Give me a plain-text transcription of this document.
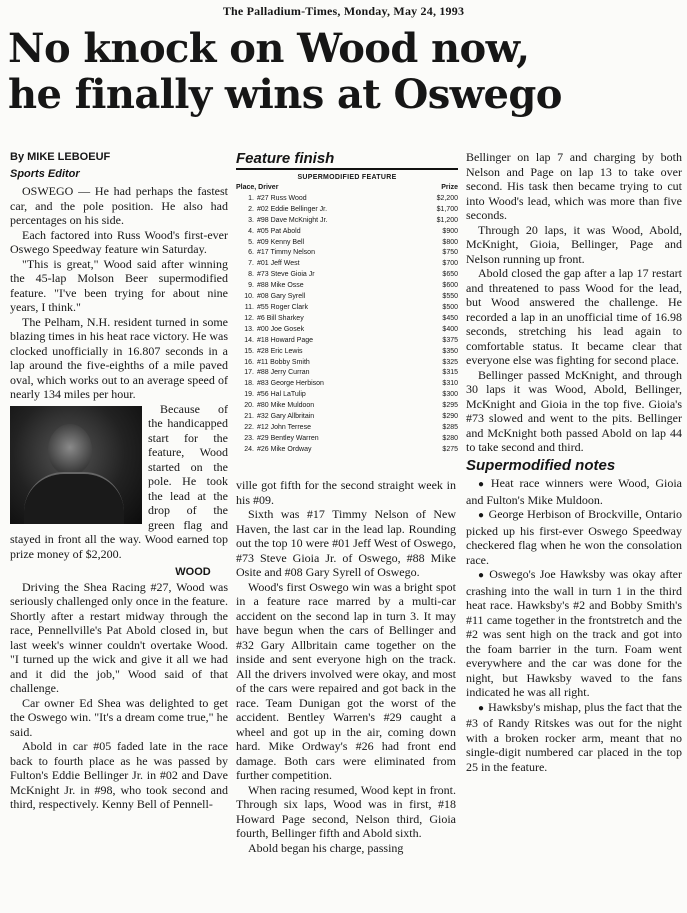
The Palladium-Times, Monday, May 24, 1993
No knock on Wood now,
he finally wins at Oswego
By MIKE LEBOEUF
Sports Editor

OSWEGO — He had perhaps the fastest car, and the pole position. He also had percentages on his side.

Each factored into Russ Wood's first-ever Oswego Speedway feature win Saturday.

"This is great," Wood said after winning the 45-lap Molson Beer supermodified feature. "I've been trying for about nine years, I think."

The Pelham, N.H. resident turned in some blazing times in his heat race victory. He was clocked unofficially in 16.807 seconds in a lap around the five-eighths of a mile paved oval, which works out to an average speed of nearly 134 miles per hour.

Because of the handicapped start for the feature, Wood started on the pole. He took the lead at the drop of the green flag and stayed in front all the way. Wood earned top prize money of $2,200.

WOOD

Driving the Shea Racing #27, Wood was seriously challenged only once in the feature. Shortly after a restart midway through the race, Pennellville's Pat Abold closed in, but last week's winner couldn't overtake Wood. "I turned up the wick and give it all we had and it did the job," Wood said of that challenge.

Car owner Ed Shea was delighted to get the Oswego win. "It's a dream come true," he said.

Abold in car #05 faded late in the race back to fourth place as he was passed by Fulton's Eddie Bellinger Jr. in #02 and Dave McKnight Jr. in #98, who took second and third, respectively. Kenny Bell of Pennell-

Feature finish
SUPERMODIFIED FEATURE
Place, Driver	Prize
1. #27 Russ Wood	$2,200
2. #02 Eddie Bellinger Jr.	$1,700
3. #98 Dave McKnight Jr.	$1,200
4. #05 Pat Abold	$900
5. #09 Kenny Bell	$800
6. #17 Timmy Nelson	$750
7. #01 Jeff West	$700
8. #73 Steve Gioia Jr	$650
9. #88 Mike Osse	$600
10. #08 Gary Syrell	$550
11. #55 Roger Clark	$500
12. #6 Bill Sharkey	$450
13. #00 Joe Gosek	$400
14. #18 Howard Page	$375
15. #28 Eric Lewis	$350
16. #11 Bobby Smith	$325
17. #88 Jerry Curran	$315
18. #83 George Herbison	$310
19. #56 Hal LaTulip	$300
20. #80 Mike Muldoon	$295
21. #32 Gary Allbritain	$290
22. #12 John Terrese	$285
23. #29 Bentley Warren	$280
24. #26 Mike Ordway	$275

ville got fifth for the second straight week in his #09.

Sixth was #17 Timmy Nelson of New Haven, the last car in the lead lap. Rounding out the top 10 were #01 Jeff West of Oswego, #73 Steve Gioia Jr. of Oswego, #88 Mike Osite and #08 Gary Syrell of Oswego.

Wood's first Oswego win was a bright spot in a feature race marred by a multi-car accident on the second lap in turn 3. It may have begun when the cars of Bellinger and #32 Gary Allbritain came together on the inside and sent everyone high on the track. All the drivers involved were okay, and most of the cars were repaired and got back in the race. Team Dunigan got the worst of the accident. Bentley Warren's #29 caught a wheel and got up in the air, coming down hard. Mike Ordway's #26 had front end damage. Both cars were eliminated from further competition.

When racing resumed, Wood kept in front. Through six laps, Wood was in first, #18 Howard Page second, Nelson third, Gioia fourth, Bellinger fifth and Abold sixth.

Abold began his charge, passing

Bellinger on lap 7 and charging by both Nelson and Page on lap 13 to take over second. His task then became trying to cut into Wood's lead, which was more than five seconds.

Through 20 laps, it was Wood, Abold, McKnight, Gioia, Bellinger, Page and Nelson running up front.

Abold closed the gap after a lap 17 restart and threatened to pass Wood for the lead, but Wood answered the challenge. He recorded a lap in an unofficial time of 16.98 seconds, stretching his lead again to comfortable status. It became clear that everyone else was fighting for second place.

Bellinger passed McKnight, and through 30 laps it was Wood, Abold, Bellinger, McKnight and Gioia in the top five. Gioia's #73 slowed and went to the pits. Bellinger and McKnight both passed Abold on lap 44 to take second and third.

Supermodified notes

● Heat race winners were Wood, Gioia and Fulton's Mike Muldoon.

● George Herbison of Brockville, Ontario picked up his first-ever Oswego Speedway checkered flag when he won the consolation race.

● Oswego's Joe Hawksby was okay after crashing into the wall in turn 1 in the third heat race. Hawksby's #2 and Bobby Smith's #11 came together in the frontstretch and the #2 was sent high on the track and got into the foam barrier in the turn. Foam went everywhere and the car was done for the night, but Hawksby waved to the fans indicated he was all right.

● Hawksby's mishap, plus the fact that the #3 of Randy Ritskes was out for the night with a broken rocker arm, meant that no single-digit numbered car placed in the top 25 in the feature.
